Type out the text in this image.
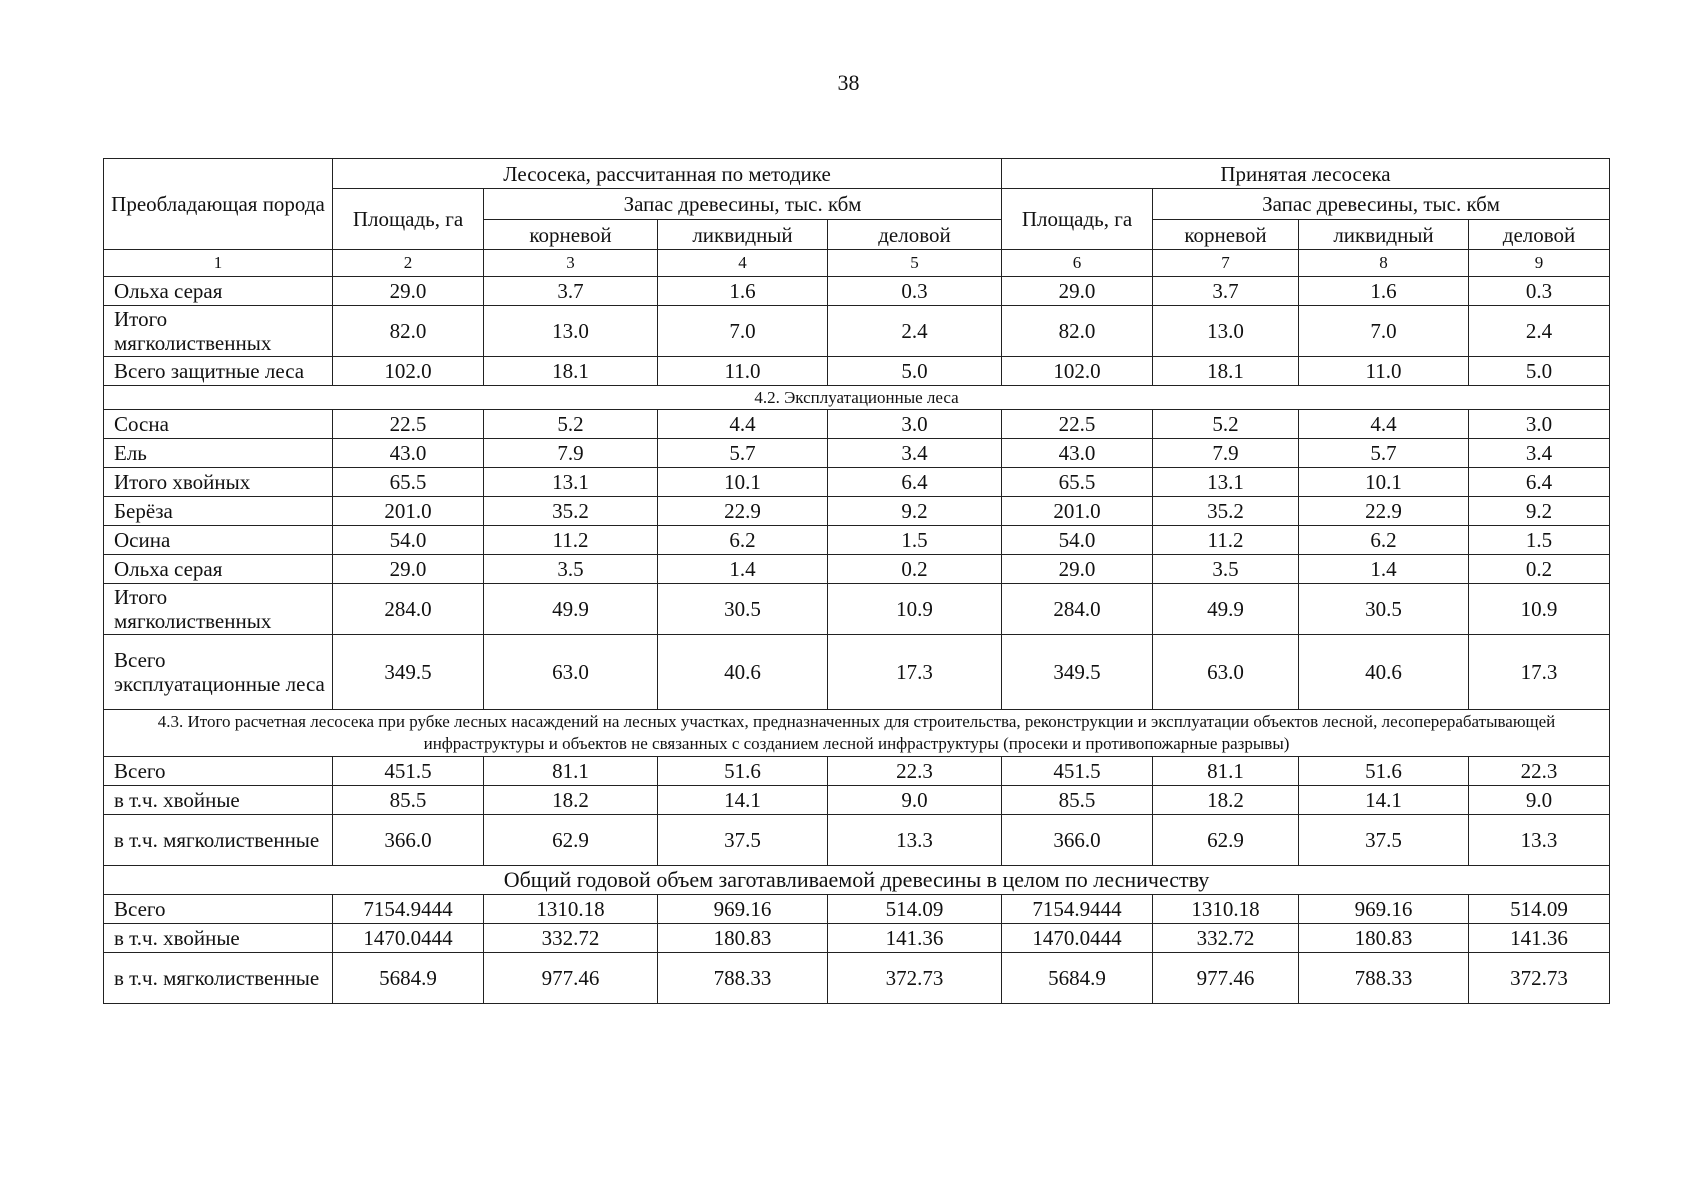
38
Преобладающая порода	Лесосека, рассчитанная по методике				Принятая лесосека			
	Площадь, га	Запас древесины, тыс. кбм			Площадь, га	Запас древесины, тыс. кбм		
		корневой	ликвидный	деловой		корневой	ликвидный	деловой
1	2	3	4	5	6	7	8	9
Ольха серая	29.0	3.7	1.6	0.3	29.0	3.7	1.6	0.3
Итого мягколиственных	82.0	13.0	7.0	2.4	82.0	13.0	7.0	2.4
Всего защитные леса	102.0	18.1	11.0	5.0	102.0	18.1	11.0	5.0
4.2. Эксплуатационные леса								
Сосна	22.5	5.2	4.4	3.0	22.5	5.2	4.4	3.0
Ель	43.0	7.9	5.7	3.4	43.0	7.9	5.7	3.4
Итого хвойных	65.5	13.1	10.1	6.4	65.5	13.1	10.1	6.4
Берёза	201.0	35.2	22.9	9.2	201.0	35.2	22.9	9.2
Осина	54.0	11.2	6.2	1.5	54.0	11.2	6.2	1.5
Ольха серая	29.0	3.5	1.4	0.2	29.0	3.5	1.4	0.2
Итого мягколиственных	284.0	49.9	30.5	10.9	284.0	49.9	30.5	10.9
Всего эксплуатационные леса	349.5	63.0	40.6	17.3	349.5	63.0	40.6	17.3
4.3. Итого расчетная лесосека при рубке лесных насаждений на лесных участках, предназначенных для строительства, реконструкции и эксплуатации объектов лесной, лесоперерабатывающей инфраструктуры и объектов не связанных с созданием лесной инфраструктуры (просеки и противопожарные разрывы)								
Всего	451.5	81.1	51.6	22.3	451.5	81.1	51.6	22.3
в т.ч. хвойные	85.5	18.2	14.1	9.0	85.5	18.2	14.1	9.0
в т.ч. мягколиственные	366.0	62.9	37.5	13.3	366.0	62.9	37.5	13.3
Общий годовой объем заготавливаемой древесины в целом по лесничеству								
Всего	7154.9444	1310.18	969.16	514.09	7154.9444	1310.18	969.16	514.09
в т.ч. хвойные	1470.0444	332.72	180.83	141.36	1470.0444	332.72	180.83	141.36
в т.ч. мягколиственные	5684.9	977.46	788.33	372.73	5684.9	977.46	788.33	372.73
